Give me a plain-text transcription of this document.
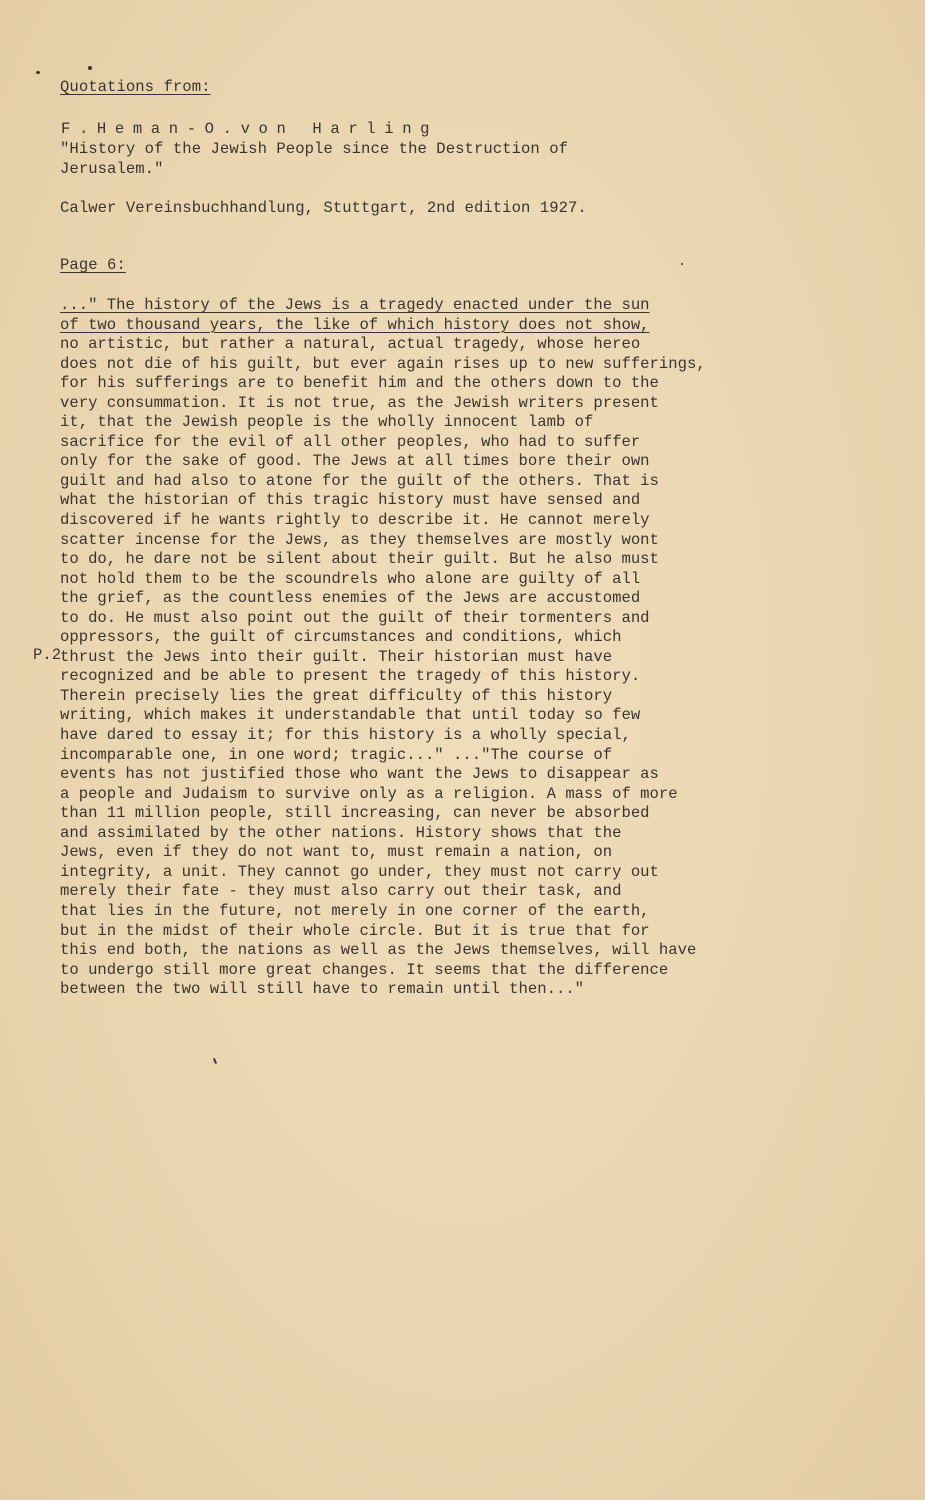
Quotations from:
F.Heman-O.von Harling
"History of the Jewish People since the Destruction of
Jerusalem."
Calwer Vereinsbuchhandlung, Stuttgart, 2nd edition 1927.
Page 6:
P.2
..." The history of the Jews is a tragedy enacted under the sun
of two thousand years, the like of which history does not show,
no artistic, but rather a natural, actual tragedy, whose hereo
does not die of his guilt, but ever again rises up to new sufferings,
for his sufferings are to benefit him and the others down to the
very consummation. It is not true, as the Jewish writers present
it, that the Jewish people is the wholly innocent lamb of
sacrifice for the evil of all other peoples, who had to suffer
only for the sake of good. The Jews at all times bore their own
guilt and had also to atone for the guilt of the others. That is
what the historian of this tragic history must have sensed and
discovered if he wants rightly to describe it. He cannot merely
scatter incense for the Jews, as they themselves are mostly wont
to do, he dare not be silent about their guilt. But he also must
not hold them to be the scoundrels who alone are guilty of all
the grief, as the countless enemies of the Jews are accustomed
to do. He must also point out the guilt of their tormenters and
oppressors, the guilt of circumstances and conditions, which
thrust the Jews into their guilt. Their historian must have
recognized and be able to present the tragedy of this history.
Therein precisely lies the great difficulty of this history
writing, which makes it understandable that until today so few
have dared to essay it; for this history is a wholly special,
incomparable one, in one word; tragic..." ..."The course of
events has not justified those who want the Jews to disappear as
a people and Judaism to survive only as a religion. A mass of more
than 11 million people, still increasing, can never be absorbed
and assimilated by the other nations. History shows that the
Jews, even if they do not want to, must remain a nation, on
integrity, a unit. They cannot go under, they must not carry out
merely their fate - they must also carry out their task, and
that lies in the future, not merely in one corner of the earth,
but in the midst of their whole circle. But it is true that for
this end both, the nations as well as the Jews themselves, will have
to undergo still more great changes. It seems that the difference
between the two will still have to remain until then..."
